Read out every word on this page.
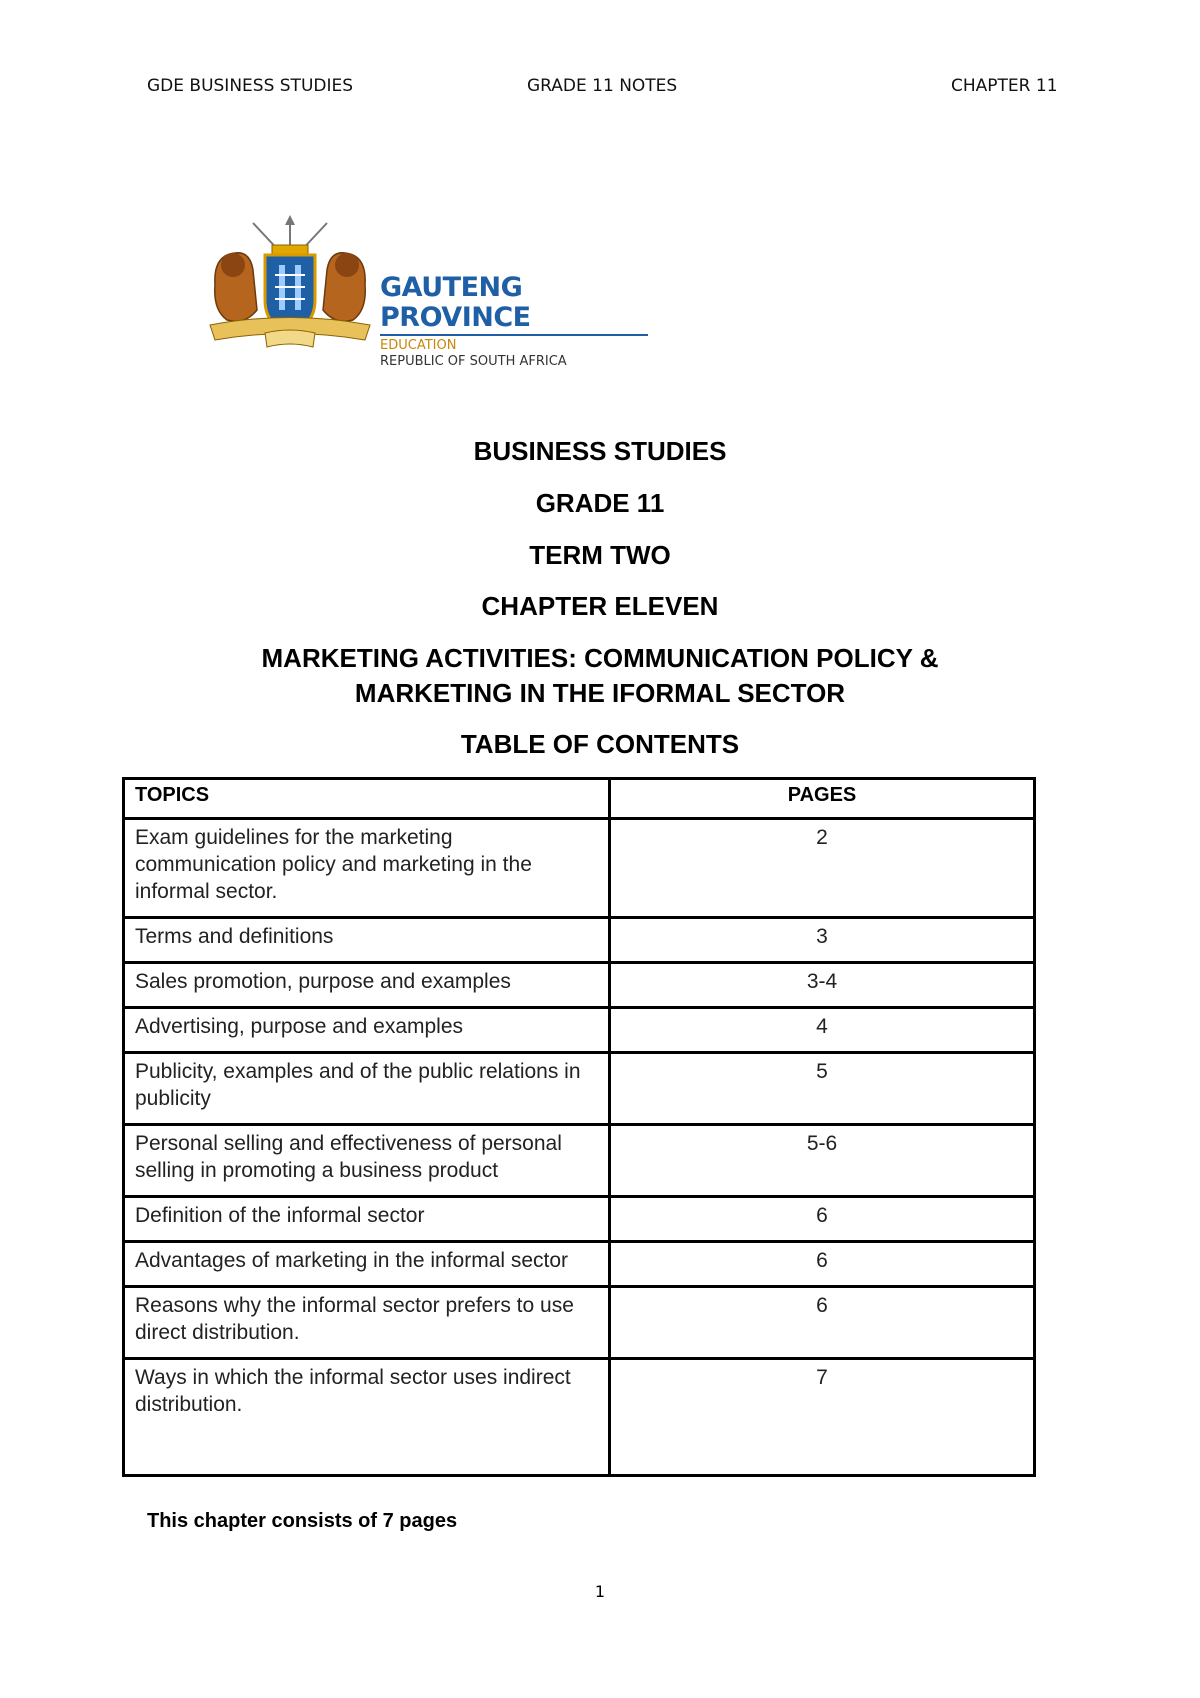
GDE BUSINESS STUDIES	GRADE 11 NOTES	CHAPTER 11
GAUTENG PROVINCE
EDUCATION
REPUBLIC OF SOUTH AFRICA
BUSINESS STUDIES
GRADE 11
TERM TWO
CHAPTER ELEVEN
MARKETING ACTIVITIES: COMMUNICATION POLICY &
MARKETING IN THE IFORMAL SECTOR
TABLE OF CONTENTS
TOPICS	PAGES
Exam guidelines for the marketing communication policy and marketing in the informal sector.	2
Terms and definitions	3
Sales promotion, purpose and examples	3-4
Advertising, purpose and examples	4
Publicity, examples and of the public relations in publicity	5
Personal selling and effectiveness of personal selling in promoting a business product	5-6
Definition of the informal sector	6
Advantages of marketing in the informal sector	6
Reasons why the informal sector prefers to use direct distribution.	6
Ways in which the informal sector uses indirect distribution.	7
This chapter consists of 7 pages
1
